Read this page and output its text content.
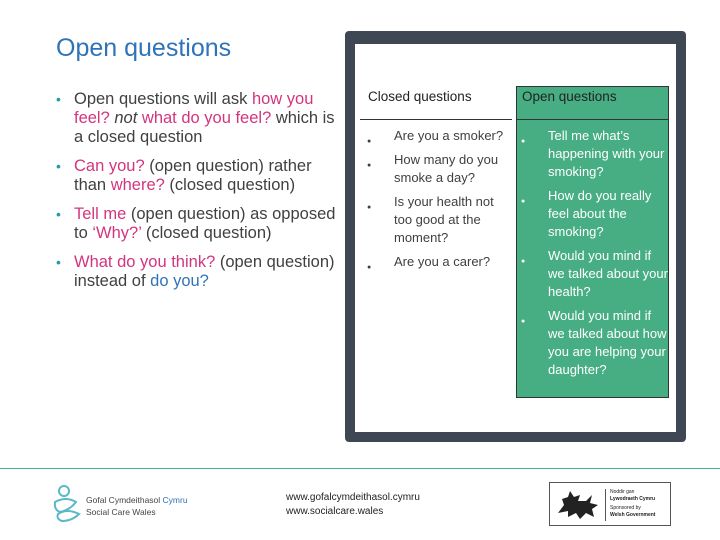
Open questions
• Open questions will ask how you feel? not what do you feel? which is a closed question
• Can you? (open question) rather than where? (closed question)
• Tell me (open question) as opposed to ‘Why?’ (closed question)
• What do you think? (open question) instead of do you?
Closed questions	Open questions
● Are you a smoker?
● How many do you smoke a day?
● Is your health not too good at the moment?
● Are you a carer?
● Tell me what’s happening with your smoking?
● How do you really feel about the smoking?
● Would you mind if we talked about your health?
● Would you mind if we talked about how you are helping your daughter?
Gofal Cymdeithasol Cymru
Social Care Wales
www.gofalcymdeithasol.cymru
www.socialcare.wales
Noddir gan
Lywodraeth Cymru
Sponsored by
Welsh Government
